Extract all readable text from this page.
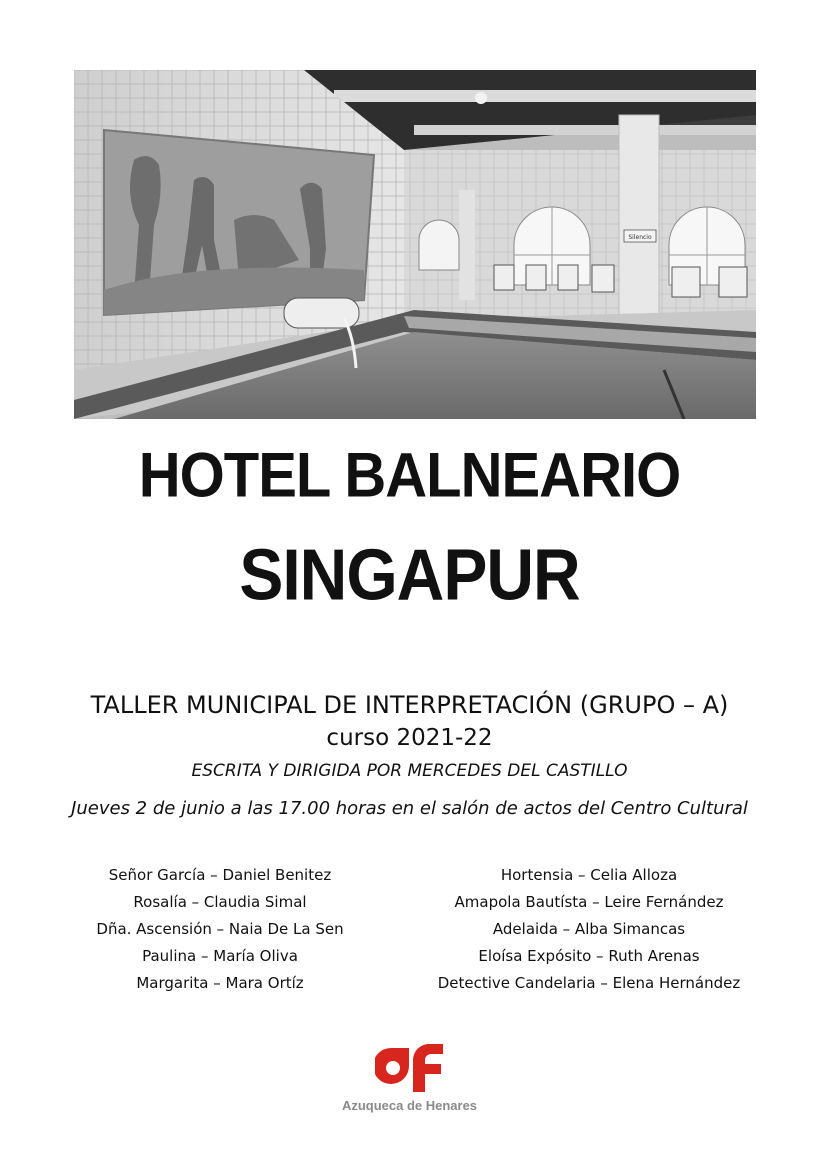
Silencio
HOTEL BALNEARIO
SINGAPUR
TALLER MUNICIPAL DE INTERPRETACIÓN (GRUPO – A)
curso 2021-22
ESCRITA Y DIRIGIDA POR MERCEDES DEL CASTILLO
Jueves 2 de junio a las 17.00 horas en el salón de actos del Centro Cultural
Señor García – Daniel Benitez
Rosalía – Claudia Simal
Dña. Ascensión – Naia De La Sen
Paulina – María Oliva
Margarita – Mara Ortíz
Hortensia – Celia Alloza
Amapola Bautísta – Leire Fernández
Adelaida – Alba Simancas
Eloísa Expósito – Ruth Arenas
Detective Candelaria – Elena Hernández
Azuqueca de Henares
